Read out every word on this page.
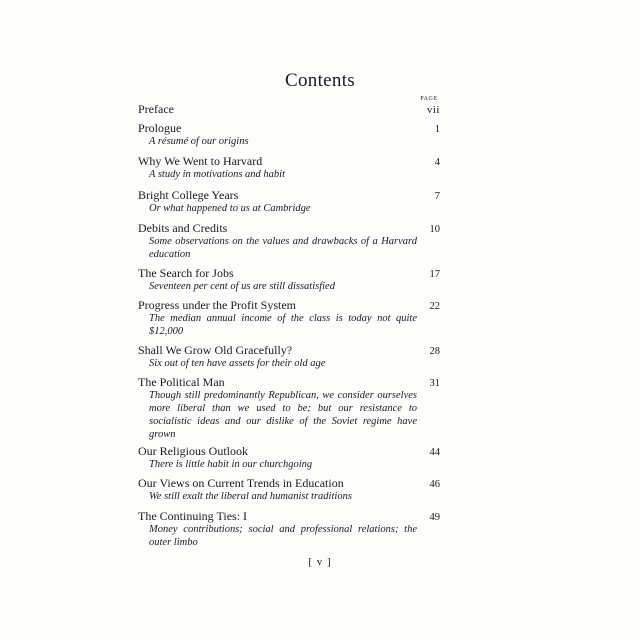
Contents
PAGE
Preface	vii
Prologue	1
A résumé of our origins
Why We Went to Harvard	4
A study in motivations and habit
Bright College Years	7
Or what happened to us at Cambridge
Debits and Credits	10
Some observations on the values and drawbacks of a Harvard education
The Search for Jobs	17
Seventeen per cent of us are still dissatisfied
Progress under the Profit System	22
The median annual income of the class is today not quite $12,000
Shall We Grow Old Gracefully?	28
Six out of ten have assets for their old age
The Political Man	31
Though still predominantly Republican, we consider ourselves more liberal than we used to be; but our resistance to socialistic ideas and our dislike of the Soviet regime have grown
Our Religious Outlook	44
There is little habit in our churchgoing
Our Views on Current Trends in Education	46
We still exalt the liberal and humanist traditions
The Continuing Ties: I	49
Money contributions; social and professional relations; the outer limbo
[ v ]
